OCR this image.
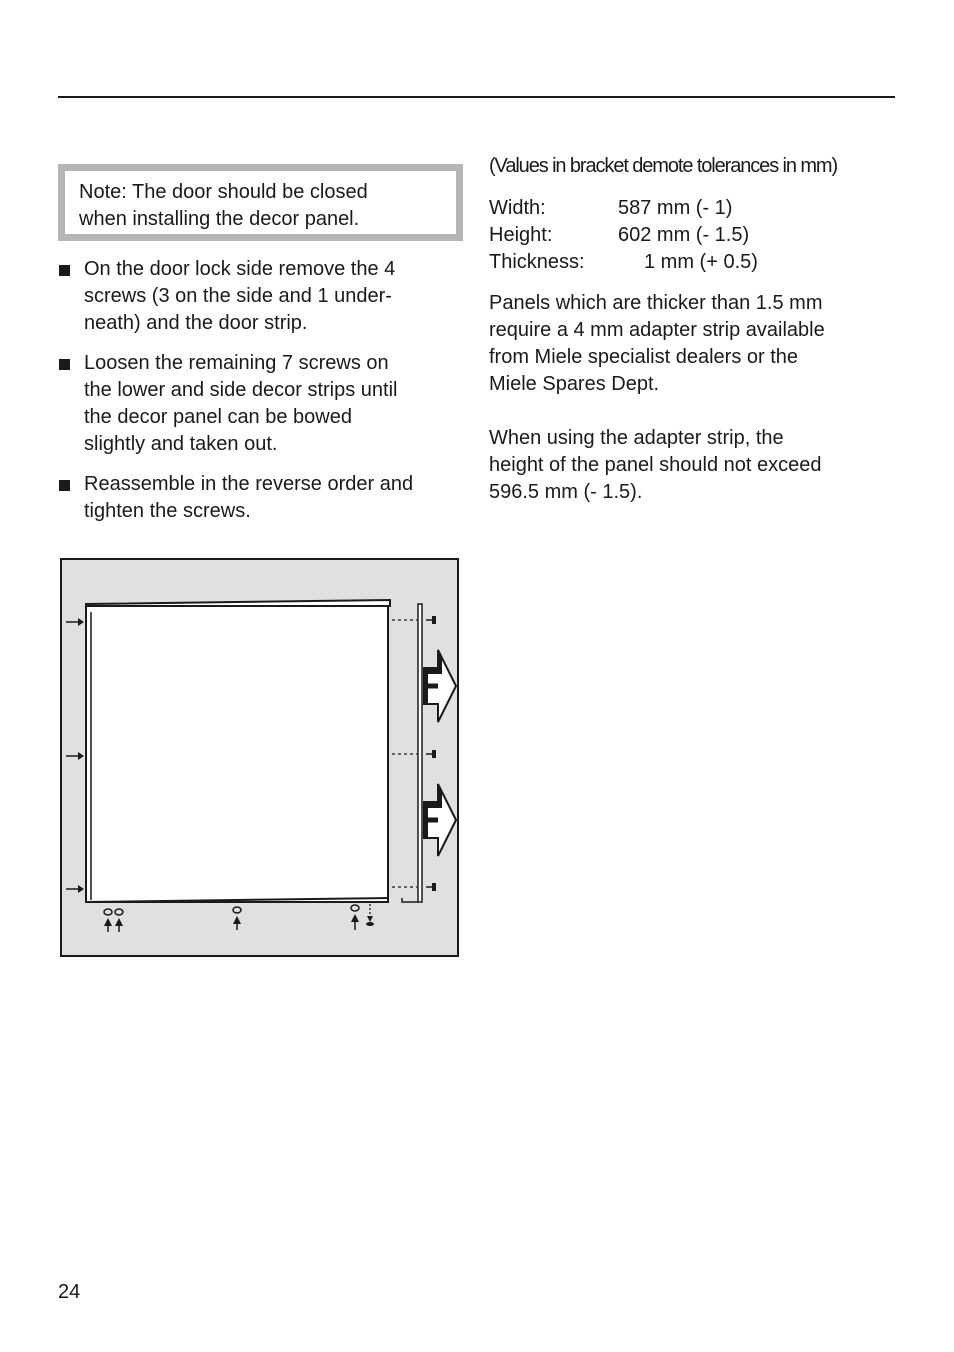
Note: The door should be closed
when installing the decor panel.
On the door lock side remove the 4
screws (3 on the side and 1 under-
neath) and the door strip.
Loosen the remaining 7 screws on
the lower and side decor strips until
the decor panel can be bowed
slightly and taken out.
Reassemble in the reverse order and
tighten the screws.

(Values in bracket demote tolerances in mm)

Width:	587 mm (- 1)
Height:	602 mm (- 1.5)
Thickness:	1 mm (+ 0.5)
Panels which are thicker than 1.5 mm
require a 4 mm adapter strip available
from Miele specialist dealers or the
Miele Spares Dept.
When using the adapter strip, the
height of the panel should not exceed
596.5 mm (- 1.5).
24
